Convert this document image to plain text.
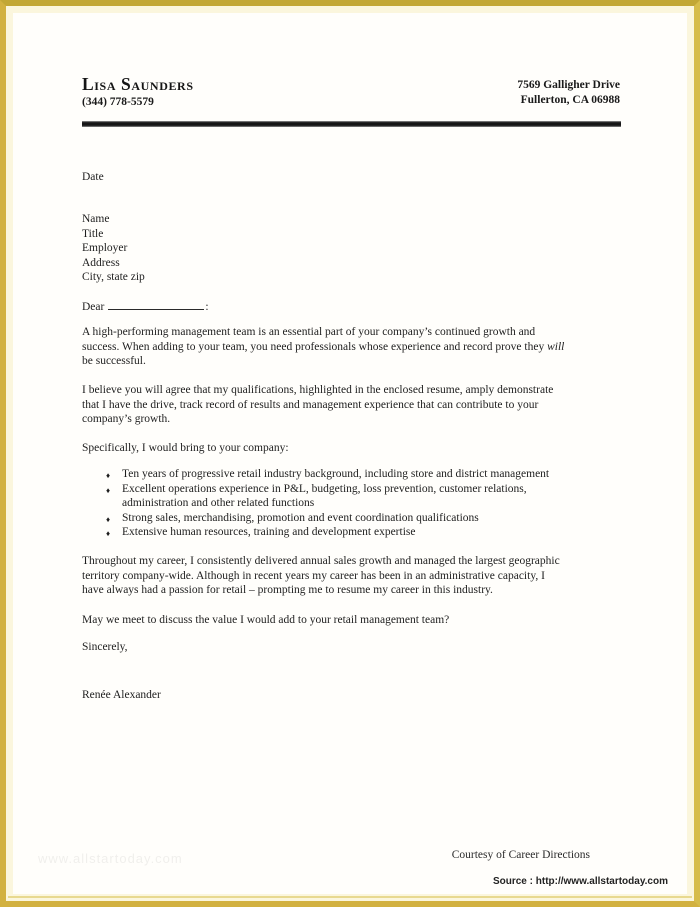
Lisa Saunders
(344) 778-5579
7569 Galligher Drive
Fullerton, CA 06988
Date
Name
Title
Employer
Address
City, state zip
Dear	:
A high-performing management team is an essential part of your company’s continued growth and
success. When adding to your team, you need professionals whose experience and record prove they will
be successful.
I believe you will agree that my qualifications, highlighted in the enclosed resume, amply demonstrate
that I have the drive, track record of results and management experience that can contribute to your
company’s growth.
Specifically, I would bring to your company:
♦ Ten years of progressive retail industry background, including store and district management
♦ Excellent operations experience in P&L, budgeting, loss prevention, customer relations,
administration and other related functions
♦ Strong sales, merchandising, promotion and event coordination qualifications
♦ Extensive human resources, training and development expertise
Throughout my career, I consistently delivered annual sales growth and managed the largest geographic
territory company-wide. Although in recent years my career has been in an administrative capacity, I
have always had a passion for retail – prompting me to resume my career in this industry.
May we meet to discuss the value I would add to your retail management team?
Sincerely,
Renée Alexander
www.allstartoday.com	Courtesy of Career Directions
Source : http://www.allstartoday.com
